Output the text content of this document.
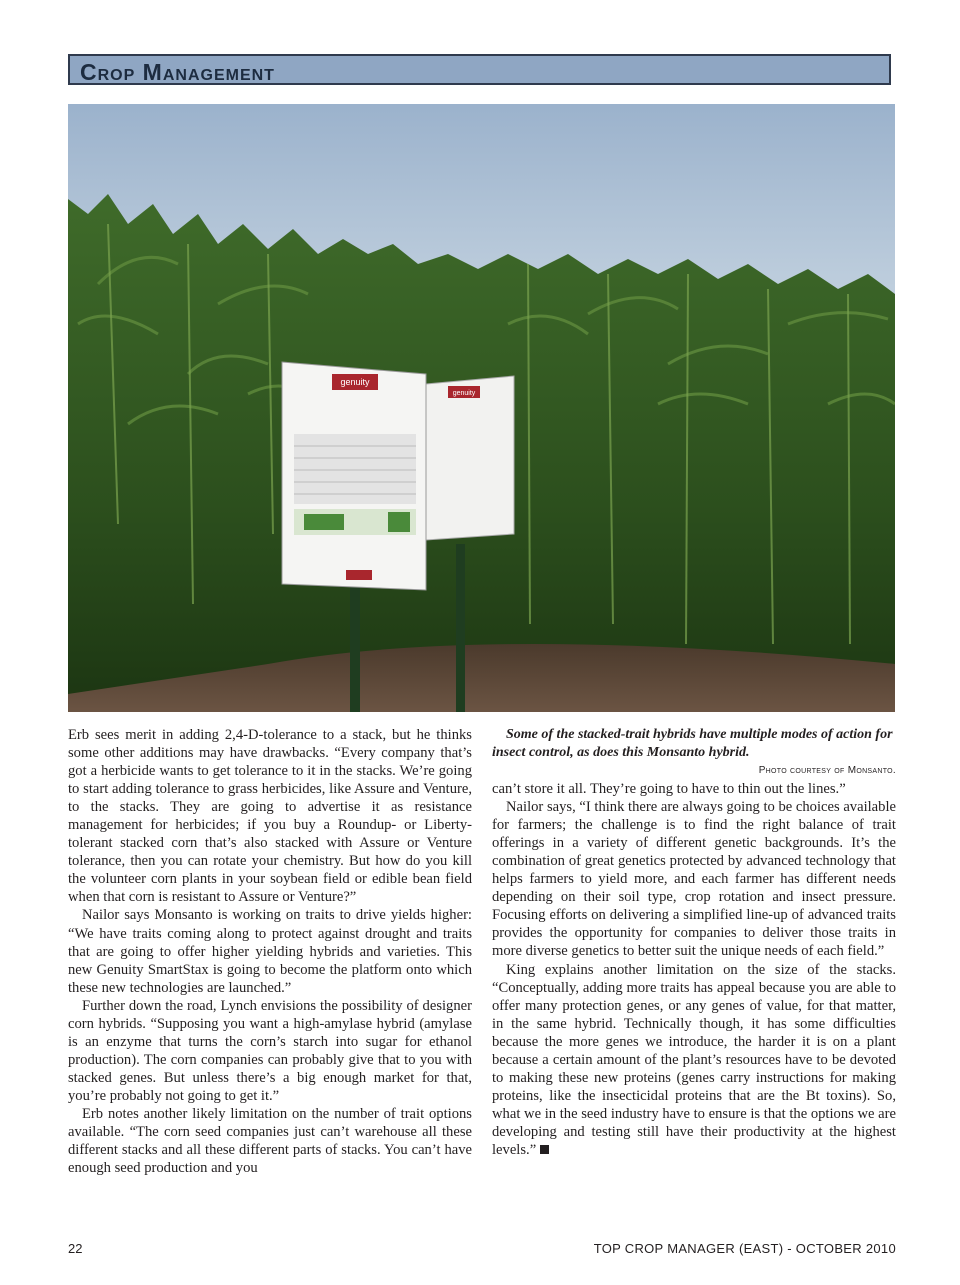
Crop Management
genuity
genuity

Erb sees merit in adding 2,4-D-tolerance to a stack, but he thinks some other additions may have drawbacks. “Every company that’s got a herbicide wants to get tolerance to it in the stacks. We’re going to start adding tolerance to grass herbicides, like Assure and Venture, to the stacks. They are going to advertise it as resistance management for herbicides; if you buy a Roundup- or Liberty-tolerant stacked corn that’s also stacked with Assure or Venture tolerance, then you can rotate your chemistry. But how do you kill the volunteer corn plants in your soybean field or edible bean field when that corn is resistant to Assure or Venture?”

Nailor says Monsanto is working on traits to drive yields higher: “We have traits coming along to protect against drought and traits that are going to offer higher yielding hybrids and varieties. This new Genuity SmartStax is going to become the platform onto which these new technologies are launched.”

Further down the road, Lynch envisions the possibility of designer corn hybrids. “Supposing you want a high-amylase hybrid (amylase is an enzyme that turns the corn’s starch into sugar for ethanol production). The corn companies can probably give that to you with stacked genes. But unless there’s a big enough market for that, you’re probably not going to get it.”

Erb notes another likely limitation on the number of trait options available. “The corn seed companies just can’t warehouse all these different stacks and all these different parts of stacks. You can’t have enough seed production and you

Some of the stacked-trait hybrids have multiple modes of action for insect control, as does this Monsanto hybrid.

Photo courtesy of Monsanto.

can’t store it all. They’re going to have to thin out the lines.”

Nailor says, “I think there are always going to be choices available for farmers; the challenge is to find the right balance of trait offerings in a variety of different genetic backgrounds. It’s the combination of great genetics protected by advanced technology that helps farmers to yield more, and each farmer has different needs depending on their soil type, crop rotation and insect pressure. Focusing efforts on delivering a simplified line-up of advanced traits provides the opportunity for companies to deliver those traits in more diverse genetics to better suit the unique needs of each field.”

King explains another limitation on the size of the stacks. “Conceptually, adding more traits has appeal because you are able to offer many protection genes, or any genes of value, for that matter, in the same hybrid. Technically though, it has some difficulties because the more genes we introduce, the harder it is on a plant because a certain amount of the plant’s resources have to be devoted to making these new proteins (genes carry instructions for making proteins, like the insecticidal proteins that are the Bt toxins). So, what we in the seed industry have to ensure is that the options we are developing and testing still have their productivity at the highest levels.”

22	TOP CROP MANAGER (EAST) - OCTOBER 2010
